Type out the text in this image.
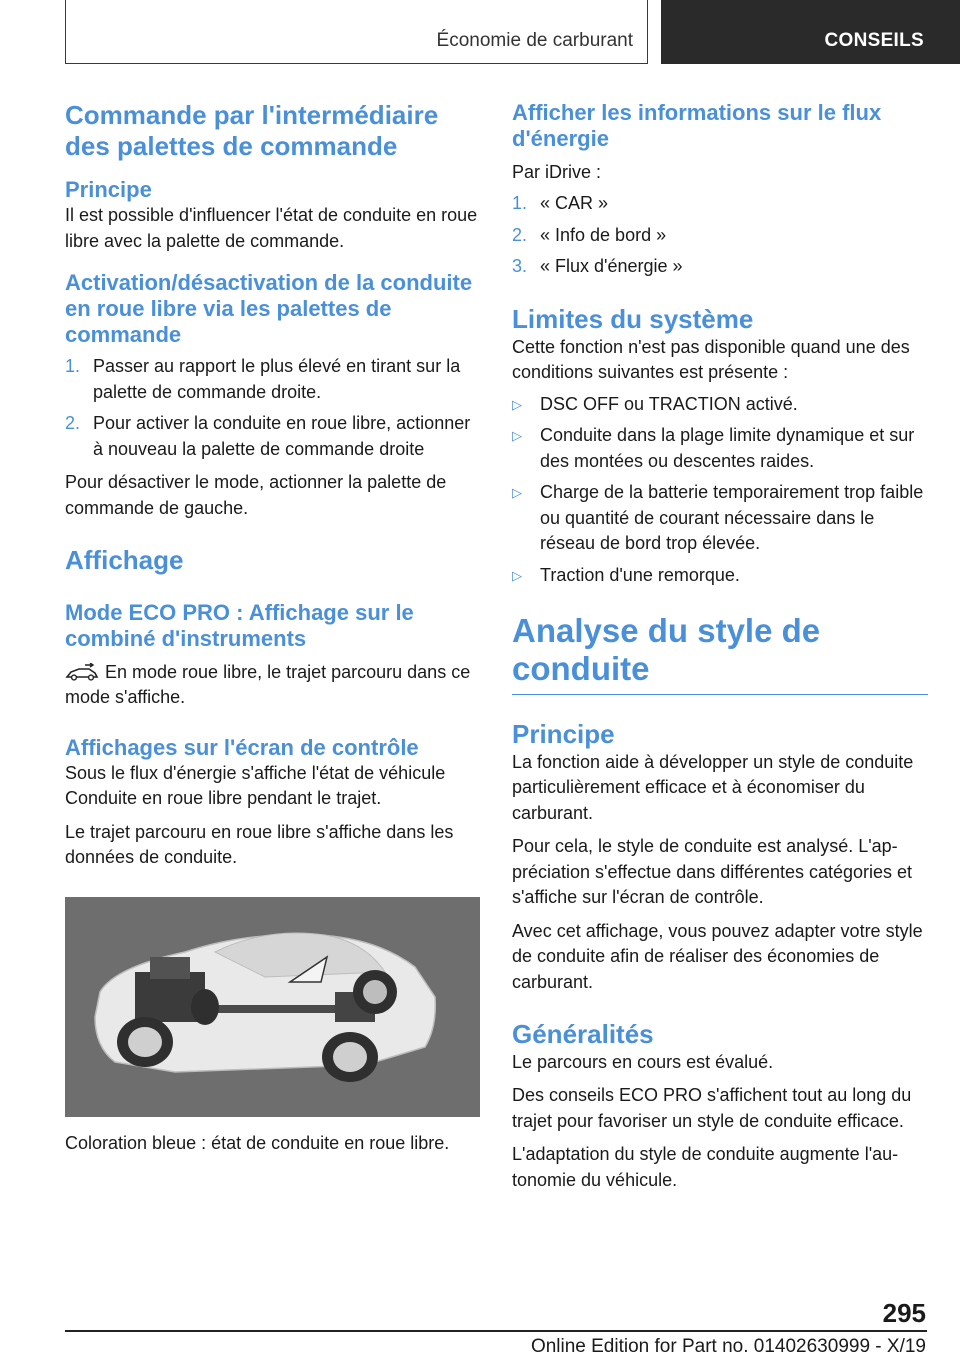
Économie de carburant	CONSEILS
Commande par l'intermédiaire des palettes de commande
Principe

Il est possible d'influencer l'état de conduite en roue libre avec la palette de commande.

Activation/désactivation de la conduite en roue libre via les palettes de commande
1. Passer au rapport le plus élevé en tirant sur la palette de commande droite.
2. Pour activer la conduite en roue libre, actionner à nouveau la palette de commande droite

Pour désactiver le mode, actionner la palette de commande de gauche.

Affichage
Mode ECO PRO : Affichage sur le combiné d'instruments

En mode roue libre, le trajet parcouru dans ce mode s'affiche.

Affichages sur l'écran de contrôle

Sous le flux d'énergie s'affiche l'état de véhicule Conduite en roue libre pendant le trajet.

Le trajet parcouru en roue libre s'affiche dans les données de conduite.

Coloration bleue : état de conduite en roue libre.

Afficher les informations sur le flux d'énergie

Par iDrive :

1. « CAR »
2. « Info de bord »
3. « Flux d'énergie »
Limites du système

Cette fonction n'est pas disponible quand une des conditions suivantes est présente :

▷	DSC OFF ou TRACTION activé.
▷	Conduite dans la plage limite dynamique et sur des montées ou descentes raides.
▷	Charge de la batterie temporairement trop faible ou quantité de courant nécessaire dans le réseau de bord trop élevée.
▷	Traction d'une remorque.
Analyse du style de conduite
Principe

La fonction aide à développer un style de conduite particulièrement efficace et à économiser du carburant.

Pour cela, le style de conduite est analysé. L'appréciation s'effectue dans différentes catégories et s'affiche sur l'écran de contrôle.

Avec cet affichage, vous pouvez adapter votre style de conduite afin de réaliser des économies de carburant.

Généralités

Le parcours en cours est évalué.

Des conseils ECO PRO s'affichent tout au long du trajet pour favoriser un style de conduite efficace.

L'adaptation du style de conduite augmente l'autonomie du véhicule.

295
Online Edition for Part no. 01402630999 - X/19
